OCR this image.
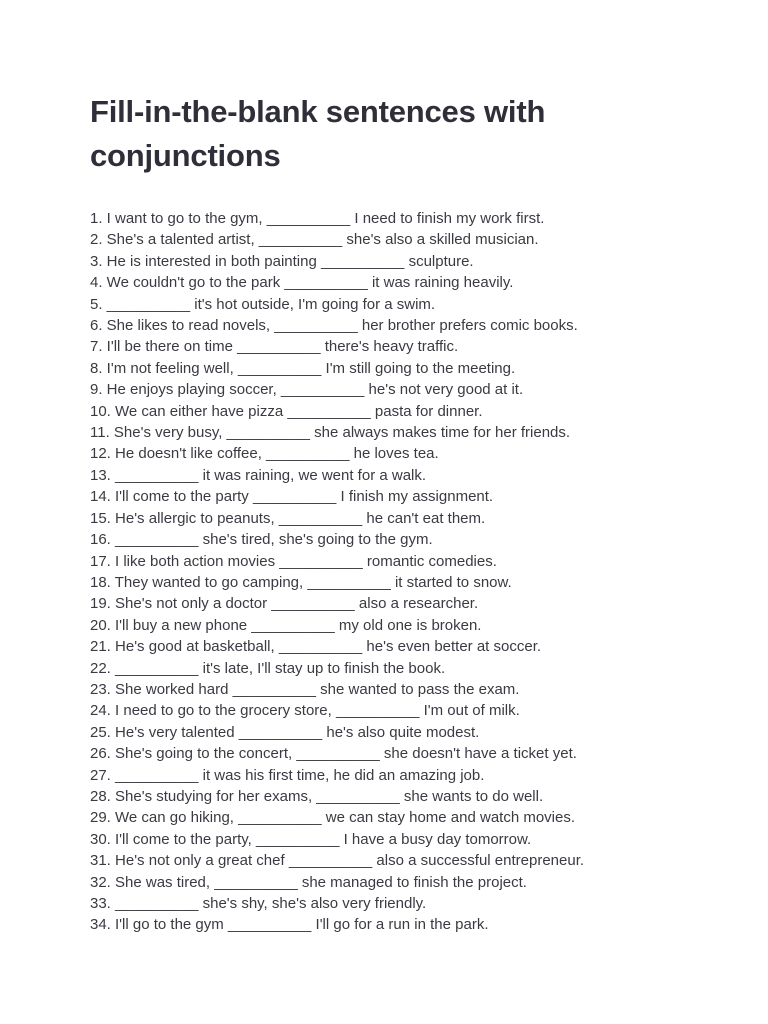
Fill-in-the-blank sentences with
conjunctions
1. I want to go to the gym, __________ I need to finish my work first.
2. She's a talented artist, __________ she's also a skilled musician.
3. He is interested in both painting __________ sculpture.
4. We couldn't go to the park __________ it was raining heavily.
5. __________ it's hot outside, I'm going for a swim.
6. She likes to read novels, __________ her brother prefers comic books.
7. I'll be there on time __________ there's heavy traffic.
8. I'm not feeling well, __________ I'm still going to the meeting.
9. He enjoys playing soccer, __________ he's not very good at it.
10. We can either have pizza __________ pasta for dinner.
11. She's very busy, __________ she always makes time for her friends.
12. He doesn't like coffee, __________ he loves tea.
13. __________ it was raining, we went for a walk.
14. I'll come to the party __________ I finish my assignment.
15. He's allergic to peanuts, __________ he can't eat them.
16. __________ she's tired, she's going to the gym.
17. I like both action movies __________ romantic comedies.
18. They wanted to go camping, __________ it started to snow.
19. She's not only a doctor __________ also a researcher.
20. I'll buy a new phone __________ my old one is broken.
21. He's good at basketball, __________ he's even better at soccer.
22. __________ it's late, I'll stay up to finish the book.
23. She worked hard __________ she wanted to pass the exam.
24. I need to go to the grocery store, __________ I'm out of milk.
25. He's very talented __________ he's also quite modest.
26. She's going to the concert, __________ she doesn't have a ticket yet.
27. __________ it was his first time, he did an amazing job.
28. She's studying for her exams, __________ she wants to do well.
29. We can go hiking, __________ we can stay home and watch movies.
30. I'll come to the party, __________ I have a busy day tomorrow.
31. He's not only a great chef __________ also a successful entrepreneur.
32. She was tired, __________ she managed to finish the project.
33. __________ she's shy, she's also very friendly.
34. I'll go to the gym __________ I'll go for a run in the park.
